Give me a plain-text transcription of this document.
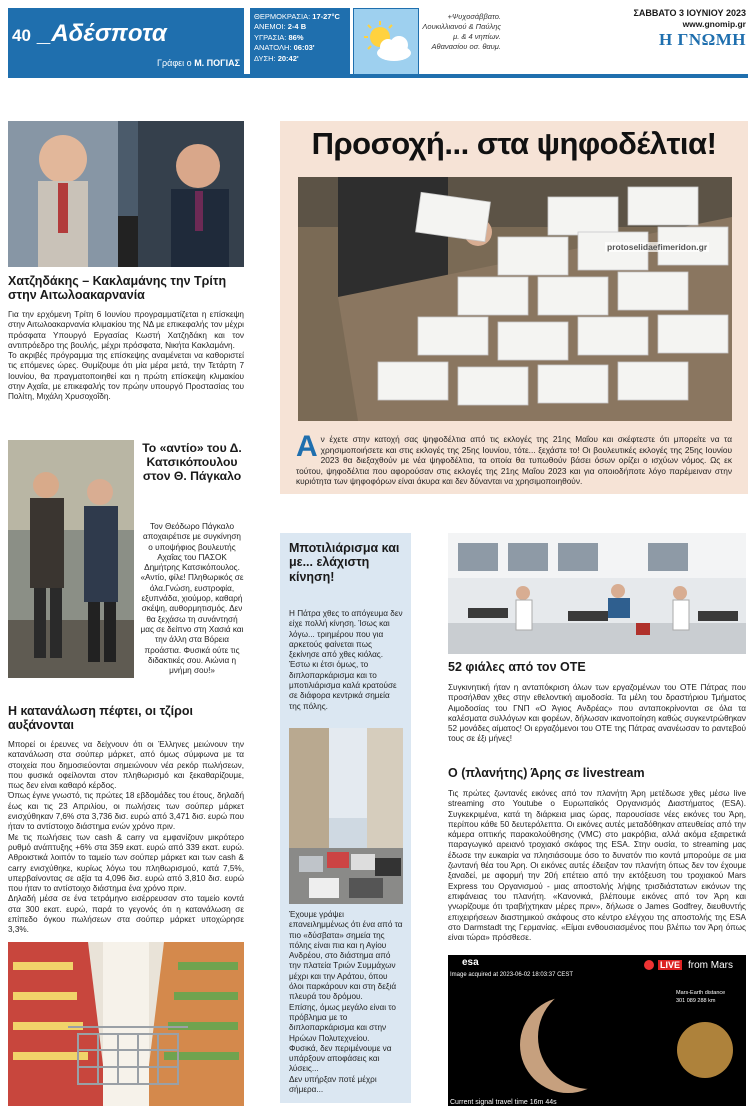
40 _Αδέσποτα
Γράφει ο Μ. ΠΟΓΙΑΣ
ΘΕΡΜΟΚΡΑΣΙΑ: 17-27°C
ΑΝΕΜΟΙ: 2-4 Β
ΥΓΡΑΣΙΑ: 86%
ΑΝΑΤΟΛΗ: 06:03'
ΔΥΣΗ: 20:42'
+Ψυχοσάββατο. Λουκιλλιανού & Παύλης μ. & 4 νηπίων. Αθανασίου οσ. θαυμ.
ΣΑΒΒΑΤΟ 3 ΙΟΥΝΙΟΥ 2023
www.gnomip.gr
Η ΓΝΩΜΗ
Χατζηδάκης – Κακλαμάνης την Τρίτη στην Αιτωλοακαρνανία

Για την ερχόμενη Τρίτη 6 Ιουνίου προγραμματίζεται η επίσκεψη στην Αιτωλοακαρνανία κλιμακίου της ΝΔ με επικεφαλής τον μέχρι πρόσφατα Υπουργό Εργασίας Κωστή Χατζηδάκη και τον αντιπρόεδρο της βουλής, μέχρι πρόσφατα, Νικήτα Κακλαμάνη.

Το ακριβές πρόγραμμα της επίσκεψης αναμένεται να καθοριστεί τις επόμενες ώρες. Θυμίζουμε ότι μία μέρα μετά, την Τετάρτη 7 Ιουνίου, θα πραγματοποιηθεί και η πρώτη επίσκεψη κλιμακίου στην Αχαΐα, με επικεφαλής τον πρώην υπουργό Προστασίας του Πολίτη, Μιχάλη Χρυσοχοΐδη.

Το «αντίο» του Δ. Κατσικόπουλου στον Θ. Πάγκαλο
Τον Θεόδωρο Πάγκαλο αποχαιρέτισε με συγκίνηση ο υποψήφιος βουλευτής Αχαΐας του ΠΑΣΟΚ Δημήτρης Κατσικόπουλος. «Αντίο, φίλε! Πληθωρικός σε όλα.Γνώση, ευστροφία, εξυπνάδα, χιούμορ, καθαρή σκέψη, αυθορμητισμός. Δεν θα ξεχάσω τη συνάντησή μας σε δείπνο στη Χασιά και την άλλη στα Βόρεια προάστια. Φυσικά ούτε τις διδακτικές σου. Αιώνια η μνήμη σου!»
Η κατανάλωση πέφτει, οι τζίροι αυξάνονται

Μπορεί οι έρευνες να δείχνουν ότι οι Έλληνες μειώνουν την κατανάλωση στα σούπερ μάρκετ, από όμως σύμφωνα με τα στοιχεία που δημοσιεύονται σημειώνουν νέα ρεκόρ πωλήσεων, που φυσικά οφείλονται στον πληθωρισμό και ξεκαθαρίζουμε, πως δεν είναι καθαρό κέρδος.

Όπως έγινε γνωστό, τις πρώτες 18 εβδομάδες του έτους, δηλαδή έως και τις 23 Απριλίου, οι πωλήσεις των σούπερ μάρκετ ενισχύθηκαν 7,6% στα 3,736 δισ. ευρώ από 3,471 δισ. ευρώ που ήταν το αντίστοιχο διάστημα ενών χρόνο πριν.

Με τις πωλήσεις των cash & carry να εμφανίζουν μικρότερο ρυθμό ανάπτυξης +6% στα 359 εκατ. ευρώ από 339 εκατ. ευρώ. Αθροιστικά λοιπόν το ταμείο των σούπερ μάρκετ και των cash & carry ενισχύθηκε, κυρίως λόγω του πληθωρισμού, κατά 7,5%, υπερβαίνοντας σε αξία τα 4,096 δισ. ευρώ από 3,810 δισ. ευρώ που ήταν το αντίστοιχο διάστημα ένα χρόνο πριν.

Δηλαδή μέσα σε ένα τετράμηνο εισέρρευσαν στο ταμείο κοντά στα 300 εκατ. ευρώ, παρά το γεγονός ότι η κατανάλωση σε επίπεδο όγκου πωλήσεων στα σούπερ μάρκετ υποχώρησε 3,3%.

Προσοχή... στα ψηφοδέλτια!
protoselidaefimeridon.gr
Αν έχετε στην κατοχή σας ψηφοδέλτια από τις εκλογές της 21ης Μαΐου και σκέφτεστε ότι μπορείτε να τα χρησιμοποιήσετε και στις εκλογές της 25ης Ιουνίου, τότε... ξεχάστε το! Οι βουλευτικές εκλογές της 25ης Ιουνίου 2023 θα διεξαχθούν με νέα ψηφοδέλτια, τα οποία θα τυπωθούν βάσει όσων ορίζει ο ισχύων νόμος. Ως εκ τούτου, ψηφοδέλτια που αφορούσαν στις εκλογές της 21ης Μαΐου 2023 και για οποιοδήποτε λόγο παρέμειναν στην κυριότητα των ψηφοφόρων είναι άκυρα και δεν δύνανται να χρησιμοποιηθούν.
Μποτιλιάρισμα και με... ελάχιστη κίνηση!

Η Πάτρα χθες το απόγευμα δεν είχε πολλή κίνηση. Ίσως και λόγω... τριημέρου που για αρκετούς φαίνεται πως ξεκίνησε από χθες κιόλας.

Έστω κι έτσι όμως, το διπλοπαρκάρισμα και το μποτιλιάρισμα καλά κρατούσε σε διάφορα κεντρικά σημεία της πόλης.

Έχουμε γράψει επανειλημμένως ότι ένα από τα πιο «δύσβατα» σημεία της πόλης είναι πια και η Αγίου Ανδρέου, στο διάστημα από την πλατεία Τριών Συμμάχων μέχρι και την Αράτου, όπου όλοι παρκάρουν και στη δεξιά πλευρά του δρόμου.

Επίσης, όμως μεγάλο είναι το πρόβλημα με το διπλοπαρκάρισμα και στην Ηρώων Πολυτεχνείου.

Φυσικά, δεν περιμένουμε να υπάρξουν αποφάσεις και λύσεις...

Δεν υπήρξαν ποτέ μέχρι σήμερα...

52 φιάλες από τον ΟΤΕ
Συγκινητική ήταν η ανταπόκριση όλων των εργαζομένων του ΟΤΕ Πάτρας που προσήλθαν χθες στην εθελοντική αιμοδοσία. Τα μέλη του δραστήριου Τμήματος Αιμοδοσίας του ΓΝΠ «Ο Άγιος Ανδρέας» που ανταποκρίνονται σε όλα τα καλέσματα συλλόγων και φορέων, δήλωσαν ικανοποίηση καθώς συγκεντρώθηκαν 52 μονάδες αίματος! Οι εργαζόμενοι του ΟΤΕ της Πάτρας ανανέωσαν το ραντεβού τους σε έξι μήνες!
Ο (πλανήτης) Άρης σε livestream
Τις πρώτες ζωντανές εικόνες από τον πλανήτη Άρη μετέδωσε χθες μέσω live streaming στο Youtube ο Ευρωπαϊκός Οργανισμός Διαστήματος (ESA). Συγκεκριμένα, κατά τη διάρκεια μιας ώρας, παρουσίασε νέες εικόνες του Άρη, περίπου κάθε 50 δευτερόλεπτα. Οι εικόνες αυτές μεταδόθηκαν απευθείας από την κάμερα οπτικής παρακολούθησης (VMC) στο μακρόβια, αλλά ακόμα εξαιρετικά παραγωγικό αρειανό τροχιακό σκάφος της ESA. Στην ουσία, το streaming μας έδωσε την ευκαιρία να πλησιάσουμε όσο το δυνατόν πιο κοντά μπορούμε σε μια ζωντανή θέα του Άρη. Οι εικόνες αυτές έδειξαν τον πλανήτη όπως δεν τον έχουμε ξαναδεί, με αφορμή την 20ή επέτειο από την εκτόξευση του τροχιακού Mars Express του Οργανισμού - μιας αποστολής λήψης τρισδιάστατων εικόνων της επιφάνειας του πλανήτη. «Κανονικά, βλέπουμε εικόνες από τον Άρη και γνωρίζουμε ότι τραβήχτηκαν μέρες πριν», δήλωσε ο James Godfrey, διευθυντής επιχειρήσεων διαστημικού σκάφους στο κέντρο ελέγχου της αποστολής της ESA στο Darmstadt της Γερμανίας. «Είμαι ενθουσιασμένος που βλέπω τον Άρη όπως είναι τώρα» πρόσθεσε.
esa
Image acquired at 2023-06-02 18:03:37 CEST
LIVE from Mars
Mars-Earth distance
301 089 288 km
Current signal travel time 16m 44s
